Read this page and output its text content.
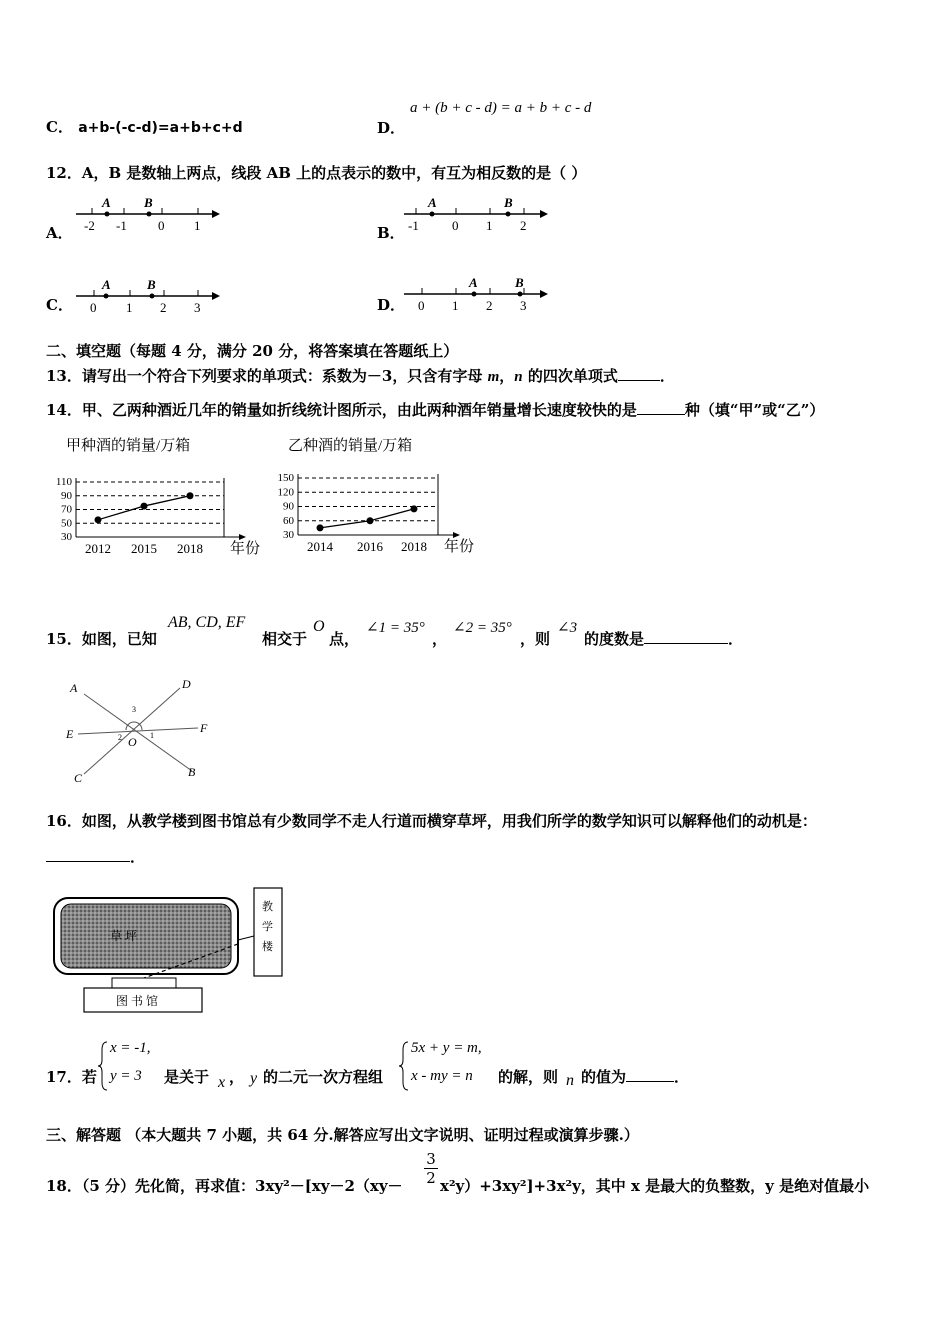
C． a+b-(-c-d)=a+b+c+d	D．
a + (b + c - d) = a + b + c - d
12．A，B 是数轴上两点，线段 AB 上的点表示的数中，有互为相反数的是（ ）
A．
A	B
-2 -1 0 1	B．
A	B
-1	0 1 2
C．
A	B
0 1 2 3	D．
A	B
0 1 2 3
二、填空题（每题 4 分，满分 20 分，将答案填在答题纸上）
13．请写出一个符合下列要求的单项式：系数为－3，只含有字母 m，n 的四次单项式	．
14．甲、乙两种酒近几年的销量如折线统计图所示，由此两种酒年销量增长速度较快的是	种（填“甲”或“乙”）
甲种酒的销量/万箱
30
50
70
90
110
2012 2015 2018 年份
乙种酒的销量/万箱
30
60
90
120
150
2014 2016 2018 年份
15．如图，已知
AB, CD, EF
相交于
O
点，
∠1 = 35°
，
∠2 = 35°
，则
∠3
的度数是	．
A	D
E	F
C	B
O 1
2
3
16．如图，从教学楼到图书馆总有少数同学不走人行道而横穿草坪，用我们所学的数学知识可以解释他们的动机是：
．
草 坪
教
学
楼
图 书 馆
17．若
x = -1,
y = 3 是关于 x ， y 的二元一次方程组
5x + y = m,
x - my = n 的解，则 n 的值为	．
三、解答题 （本大题共 7 小题，共 64 分.解答应写出文字说明、证明过程或演算步骤.）
18．（5 分）先化简，再求值：3xy²－[xy－2（xy－
3
2 x²y）+3xy²]+3x²y，其中 x 是最大的负整数，y 是绝对值最小
